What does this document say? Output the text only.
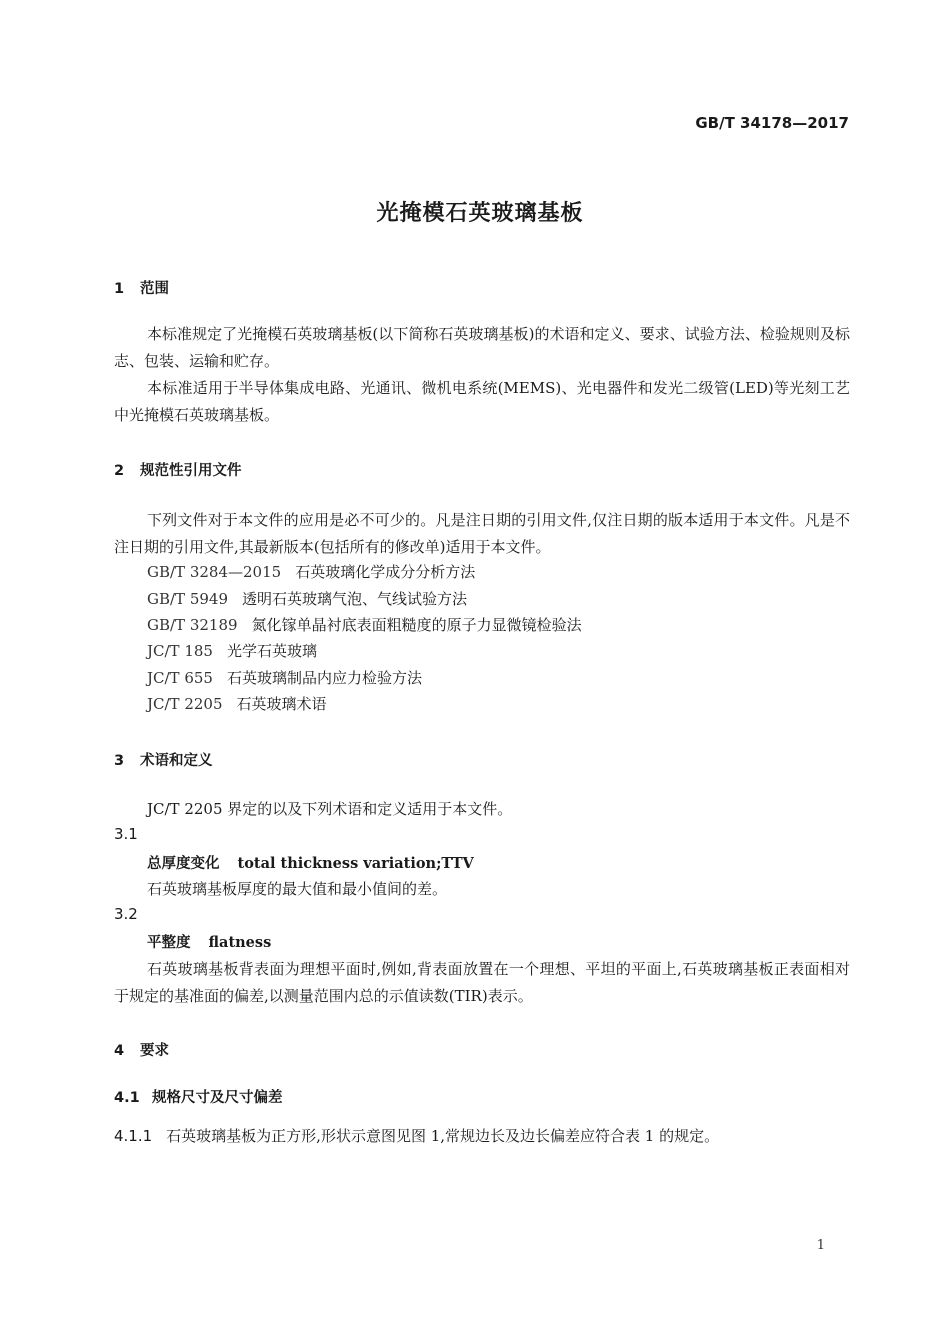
GB/T 34178—2017
光掩模石英玻璃基板
1 范围
本标准规定了光掩模石英玻璃基板(以下简称石英玻璃基板)的术语和定义、要求、试验方法、检验规则及标志、包装、运输和贮存。
本标准适用于半导体集成电路、光通讯、微机电系统(MEMS)、光电器件和发光二级管(LED)等光刻工艺中光掩模石英玻璃基板。
2 规范性引用文件
下列文件对于本文件的应用是必不可少的。凡是注日期的引用文件,仅注日期的版本适用于本文件。凡是不注日期的引用文件,其最新版本(包括所有的修改单)适用于本文件。
GB/T 3284—2015 石英玻璃化学成分分析方法
GB/T 5949 透明石英玻璃气泡、气线试验方法
GB/T 32189 氮化镓单晶衬底表面粗糙度的原子力显微镜检验法
JC/T 185 光学石英玻璃
JC/T 655 石英玻璃制品内应力检验方法
JC/T 2205 石英玻璃术语
3 术语和定义
JC/T 2205 界定的以及下列术语和定义适用于本文件。
3.1
总厚度变化 total thickness variation;TTV
石英玻璃基板厚度的最大值和最小值间的差。
3.2
平整度 flatness
石英玻璃基板背表面为理想平面时,例如,背表面放置在一个理想、平坦的平面上,石英玻璃基板正表面相对于规定的基准面的偏差,以测量范围内总的示值读数(TIR)表示。
4 要求
4.1 规格尺寸及尺寸偏差
4.1.1 石英玻璃基板为正方形,形状示意图见图 1,常规边长及边长偏差应符合表 1 的规定。
1
